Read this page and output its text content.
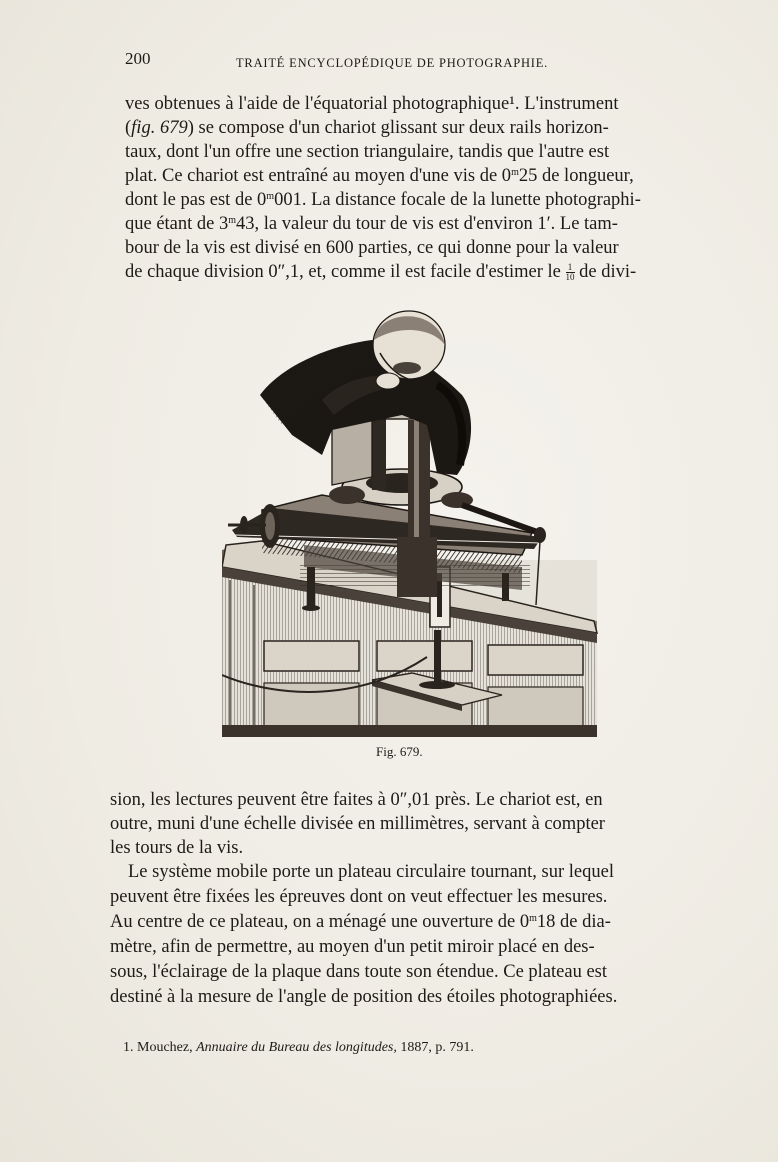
200	TRAITÉ ENCYCLOPÉDIQUE DE PHOTOGRAPHIE.
ves obtenues à l'aide de l'équatorial photographique¹. L'instrument
(fig. 679) se compose d'un chariot glissant sur deux rails horizon-
taux, dont l'un offre une section triangulaire, tandis que l'autre est
plat. Ce chariot est entraîné au moyen d'une vis de 0$^m$25 de longueur,
dont le pas est de 0$^m$001. La distance focale de la lunette photographi-
que étant de 3$^m$43, la valeur du tour de vis est d'environ 1′. Le tam-
bour de la vis est divisé en 600 parties, ce qui donne pour la valeur
de chaque division 0″,1, et, comme il est facile d'estimer le $\frac{1}{10}$ de divi-
Fig. 679.
sion, les lectures peuvent être faites à 0″,01 près. Le chariot est, en
outre, muni d'une échelle divisée en millimètres, servant à compter
les tours de la vis.
Le système mobile porte un plateau circulaire tournant, sur lequel
peuvent être fixées les épreuves dont on veut effectuer les mesures.
Au centre de ce plateau, on a ménagé une ouverture de 0$^m$18 de dia-
mètre, afin de permettre, au moyen d'un petit miroir placé en des-
sous, l'éclairage de la plaque dans toute son étendue. Ce plateau est
destiné à la mesure de l'angle de position des étoiles photographiées.
1. Mouchez, Annuaire du Bureau des longitudes, 1887, p. 791.
